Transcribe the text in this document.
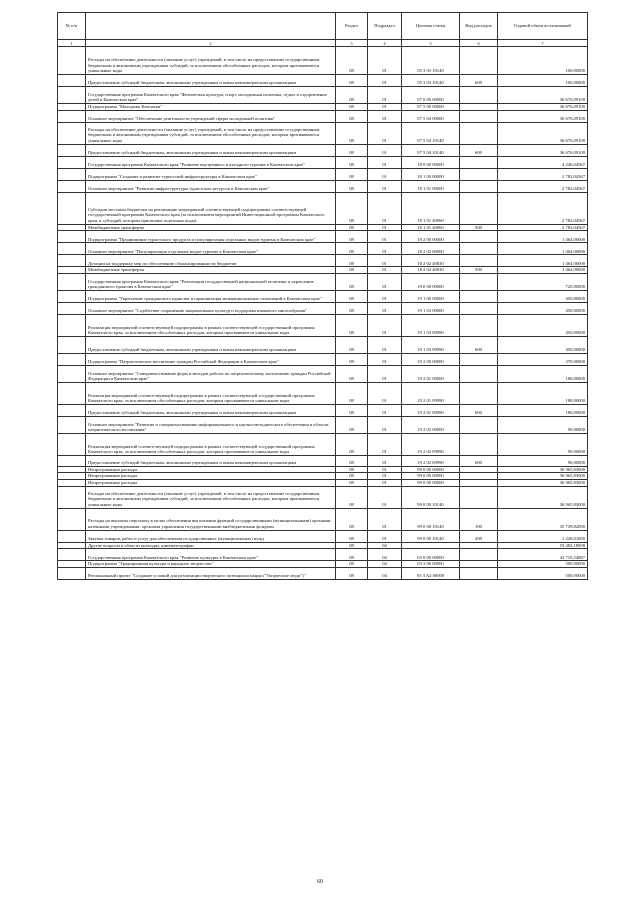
№ п/п		Раздел	Подраздел	Целевая статья	Вид расходов	Годовой объем ассигнований
1	2	3	4	5	6	7
	Расходы на обеспечение деятельности (оказание услуг) учреждений, в том числе на предоставление государственным бюджетным и автономным учреждениям субсидий, за исключением обособленных расходов, которым присваиваются уникальные коды	08	01	05 3 03 10140		100,00000
	Предоставление субсидий бюджетным, автономным учреждениям и иным некоммерческим организациям	08	01	05 3 03 10140	600	100,00000
	Государственная программа Камчатского края "Физическая культура, спорт, молодежная политика, отдых и оздоровление детей в Камчатском крае"	08	01	07 0 00 00000		36 676,09100
	Подпрограмма "Молодежь Камчатки"	08	01	07 5 00 00000		36 676,09100
	Основное мероприятие "Обеспечение деятельности учреждений сферы молодежной политики"	08	01	07 5 04 00000		36 676,09100
	Расходы на обеспечение деятельности (оказание услуг) учреждений, в том числе на предоставление государственным бюджетным и автономным учреждениям субсидий, за исключением обособленных расходов, которым присваиваются уникальные коды	08	01	07 5 04 10140		36 676,09100
	Предоставление субсидий бюджетным, автономным учреждениям и иным некоммерческим организациям	08	01	07 5 04 10140	600	36 676,09100
	Государственная программа Камчатского края "Развитие внутреннего и въездного туризма в Камчатском крае"	08	01	18 0 00 00000		4 246,04567
	Подпрограмма "Создание и развитие туристской инфраструктуры в Камчатском крае"	08	01	18 1 00 00000		2 782,04567
	Основное мероприятие "Развитие инфраструктуры туристских ресурсов в Камчатском крае"	08	01	18 1 01 00000		2 782,04567
	Субсидии местным бюджетам на реализацию мероприятий соответствующей подпрограммы соответствующей государственной программы Камчатского края (за исключением мероприятий Инвестиционной программы Камчатского края, и субсидий, которым присвоены отдельные коды)	08	01	18 1 01 40060		2 782,04567
	Межбюджетные трансферты	08	01	18 1 01 40060	500	2 782,04567
	Подпрограмма "Продвижение туристского продукта и популяризация отдельных видов туризма в Камчатском крае"	08	01	18 2 00 00000		1 464,00000
	Основное мероприятие "Популяризация отдельных видов туризма в Камчатском крае"	08	01	18 2 02 00000		1 464,00000
	Дотации на поддержку мер по обеспечению сбалансированности бюджетов	08	01	18 2 02 40030		1 464,00000
	Межбюджетные трансферты	08	01	18 2 02 40030	500	1 464,00000
	Государственная программа Камчатского края "Реализация государственной национальной политики и укрепление гражданского единства в Камчатском крае"	08	01	19 0 00 00000		720,00000
	Подпрограмма "Укрепление гражданского единства и гармонизация межнациональных отношений в Камчатском крае"	08	01	19 1 00 00000		450,00000
	Основное мероприятие "Содействие сохранению национальных культур и поддержка языкового многообразия"	08	01	19 1 03 00000		450,00000
	Реализация мероприятий соответствующей подпрограммы в рамках соответствующей государственной программы Камчатского края, за исключением обособленных расходов, которым присваиваются уникальные коды	08	01	19 1 03 09990		450,00000
	Предоставление субсидий бюджетным, автономным учреждениям и иным некоммерческим организациям	08	01	19 1 03 09990	600	450,00000
	Подпрограмма "Патриотическое воспитание граждан Российской Федерации в Камчатском крае"	08	01	19 2 00 00000		270,00000
	Основное мероприятие "Совершенствование форм и методов работы по патриотическому воспитанию граждан Российской Федерации в Камчатском крае"	08	01	19 2 01 00000		180,00000
	Реализация мероприятий соответствующей подпрограммы в рамках соответствующей государственной программы Камчатского края, за исключением обособленных расходов, которым присваиваются уникальные коды	08	01	19 2 01 09990		180,00000
	Предоставление субсидий бюджетным, автономным учреждениям и иным некоммерческим организациям	08	01	19 2 01 09990	600	180,00000
	Основное мероприятие "Развитие и совершенствование информационного и научно-методического обеспечения в области патриотического воспитания"	08	01	19 2 02 00000		90,00000
	Реализация мероприятий соответствующей подпрограммы в рамках соответствующей государственной программы Камчатского края, за исключением обособленных расходов, которым присваиваются уникальные коды	08	01	19 2 02 09990		90,00000
	Предоставление субсидий бюджетным, автономным учреждениям и иным некоммерческим организациям	08	01	19 2 02 09990	600	90,00000
	Непрограммные расходы	08	01	99 0 00 00000		36 965,83000
	Непрограммные расходы	08	01	99 0 00 00000		36 965,83000
	Непрограммные расходы	08	01	99 0 00 00000		36 965,83000
	Расходы на обеспечение деятельности (оказание услуг) учреждений, в том числе на предоставление государственным бюджетным и автономным учреждениям субсидий, за исключением обособленных расходов, которым присваиваются уникальные коды	08	01	99 0 00 10140		36 965,83000
	Расходы на выплаты персоналу в целях обеспечения выполнения функций государственными (муниципальными) органами, казенными учреждениями, органами управления государственными внебюджетными фондами	08	01	99 0 00 10140	100	35 739,82000
	Закупка товаров, работ и услуг для обеспечения государственных (муниципальных) нужд	08	01	99 0 00 10140	200	1 226,01000
	Другие вопросы в области культуры, кинематографии	08	04			53 482,18098
	Государственная программа Камчатского края "Развитие культуры в Камчатском крае"	08	04	03 0 00 00000		43 716,54887
	Подпрограмма "Традиционная культура и народное творчество"	08	04	03 3 00 00000		500,00000
	Региональный проект "Создание условий для реализации творческого потенциала нации ("Творческие люди")"	08	04	03 3 A2 00000		500,00000
60
